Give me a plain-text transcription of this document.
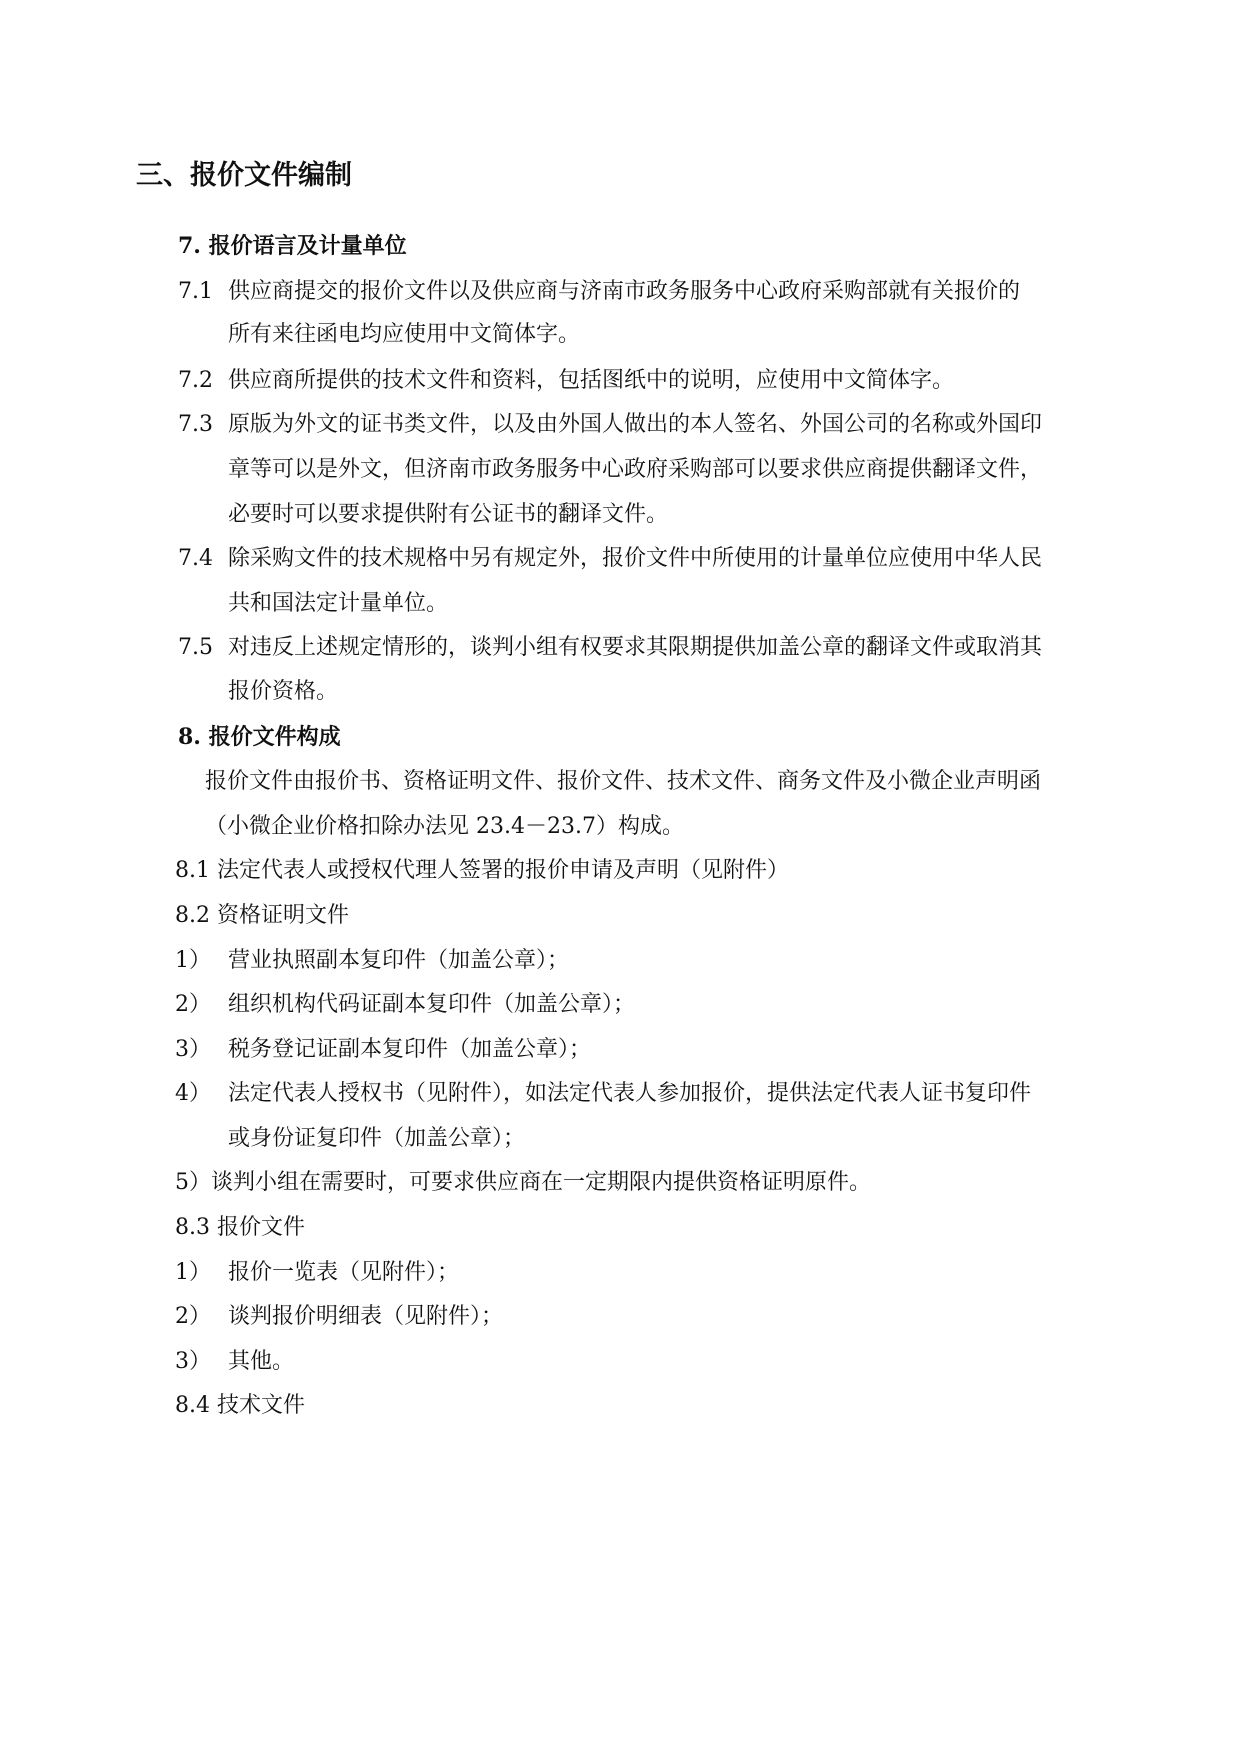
三、报价文件编制
7. 报价语言及计量单位
7.1 供应商提交的报价文件以及供应商与济南市政务服务中心政府采购部就有关报价的
所有来往函电均应使用中文简体字。
7.2 供应商所提供的技术文件和资料，包括图纸中的说明，应使用中文简体字。
7.3 原版为外文的证书类文件，以及由外国人做出的本人签名、外国公司的名称或外国印
章等可以是外文，但济南市政务服务中心政府采购部可以要求供应商提供翻译文件，
必要时可以要求提供附有公证书的翻译文件。
7.4 除采购文件的技术规格中另有规定外，报价文件中所使用的计量单位应使用中华人民
共和国法定计量单位。
7.5 对违反上述规定情形的，谈判小组有权要求其限期提供加盖公章的翻译文件或取消其
报价资格。
8. 报价文件构成
报价文件由报价书、资格证明文件、报价文件、技术文件、商务文件及小微企业声明函
（小微企业价格扣除办法见 23.4－23.7）构成。
8.1 法定代表人或授权代理人签署的报价申请及声明（见附件）
8.2 资格证明文件
1） 营业执照副本复印件（加盖公章）；
2） 组织机构代码证副本复印件（加盖公章）；
3） 税务登记证副本复印件（加盖公章）；
4） 法定代表人授权书（见附件），如法定代表人参加报价，提供法定代表人证书复印件
或身份证复印件（加盖公章）；
5）谈判小组在需要时，可要求供应商在一定期限内提供资格证明原件。
8.3 报价文件
1） 报价一览表（见附件）；
2） 谈判报价明细表（见附件）；
3） 其他。
8.4 技术文件
